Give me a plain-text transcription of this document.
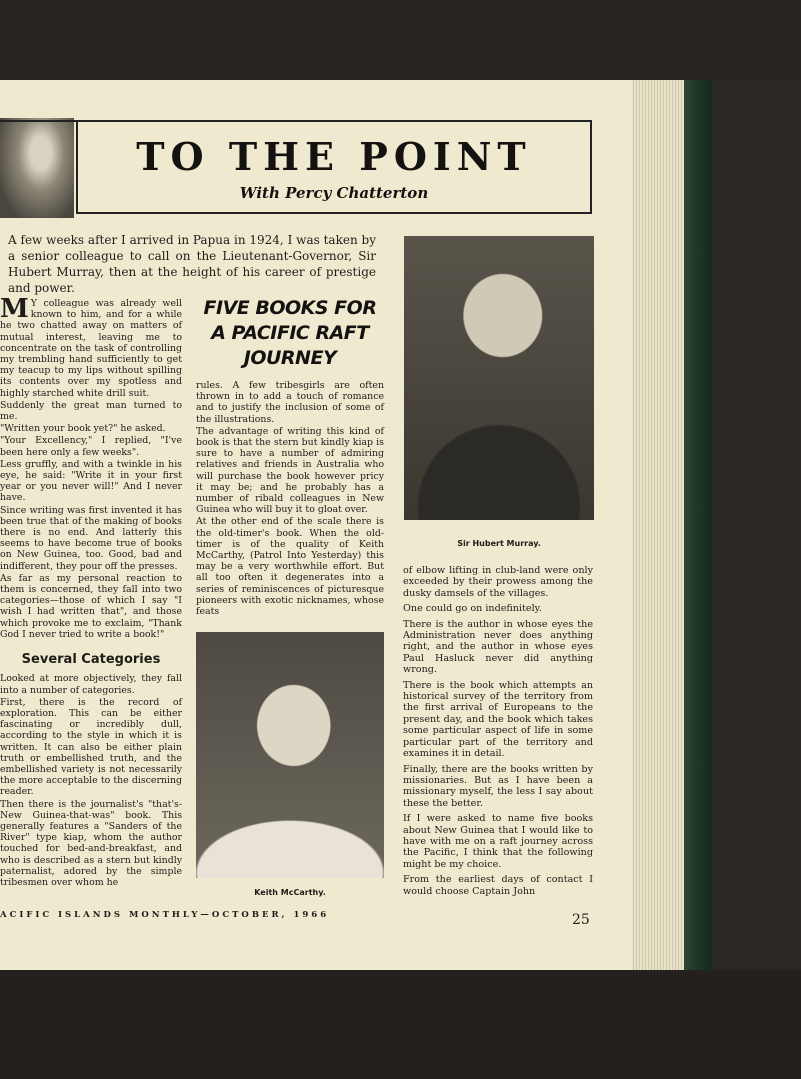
TO THE POINT
With Percy Chatterton
A few weeks after I arrived in Papua in 1924, I was taken by a senior colleague to call on the Lieutenant-Governor, Sir Hubert Murray, then at the height of his career of prestige and power.

M Y colleague was already well known to him, and for a while he two chatted away on matters of mutual interest, leaving me to concentrate on the task of controlling my trembling hand sufficiently to get my teacup to my lips without spilling its contents over my spotless and highly starched white drill suit.

Suddenly the great man turned to me.

"Written your book yet?" he asked.

"Your Excellency," I replied, "I've been here only a few weeks".

Less gruffly, and with a twinkle in his eye, he said: "Write it in your first year or you never will!" And I never have.

Since writing was first invented it has been true that of the making of books there is no end. And latterly this seems to have become true of books on New Guinea, too. Good, bad and indifferent, they pour off the presses.

As far as my personal reaction to them is concerned, they fall into two categories—those of which I say "I wish I had written that", and those which provoke me to exclaim, "Thank God I never tried to write a book!"

Several Categories

Looked at more objectively, they fall into a number of categories.

First, there is the record of exploration. This can be either fascinating or incredibly dull, according to the style in which it is written. It can also be either plain truth or embellished truth, and the embellished variety is not necessarily the more acceptable to the discerning reader.

Then there is the journalist's "that's-New Guinea-that-was" book. This generally features a "Sanders of the River" type kiap, whom the author touched for bed-and-breakfast, and who is described as a stern but kindly paternalist, adored by the simple tribesmen over whom he

FIVE BOOKS FOR A PACIFIC RAFT JOURNEY

rules. A few tribesgirls are often thrown in to add a touch of romance and to justify the inclusion of some of the illustrations.

The advantage of writing this kind of book is that the stern but kindly kiap is sure to have a number of admiring relatives and friends in Australia who will purchase the book however pricy it may be; and he probably has a number of ribald colleagues in New Guinea who will buy it to gloat over.

At the other end of the scale there is the old-timer's book. When the old-timer is of the quality of Keith McCarthy, (Patrol Into Yesterday) this may be a very worthwhile effort. But all too often it degenerates into a series of reminiscences of picturesque pioneers with exotic nicknames, whose feats

Sir Hubert Murray.
Keith McCarthy.

of elbow lifting in club-land were only exceeded by their prowess among the dusky damsels of the villages.

One could go on indefinitely.

There is the author in whose eyes the Administration never does anything right, and the author in whose eyes Paul Hasluck never did anything wrong.

There is the book which attempts an historical survey of the territory from the first arrival of Europeans to the present day, and the book which takes some particular aspect of life in some particular part of the territory and examines it in detail.

Finally, there are the books written by missionaries. But as I have been a missionary myself, the less I say about these the better.

If I were asked to name five books about New Guinea that I would like to have with me on a raft journey across the Pacific, I think that the following might be my choice.

From the earliest days of contact I would choose Captain John

ACIFIC ISLANDS MONTHLY—OCTOBER, 1966	25
